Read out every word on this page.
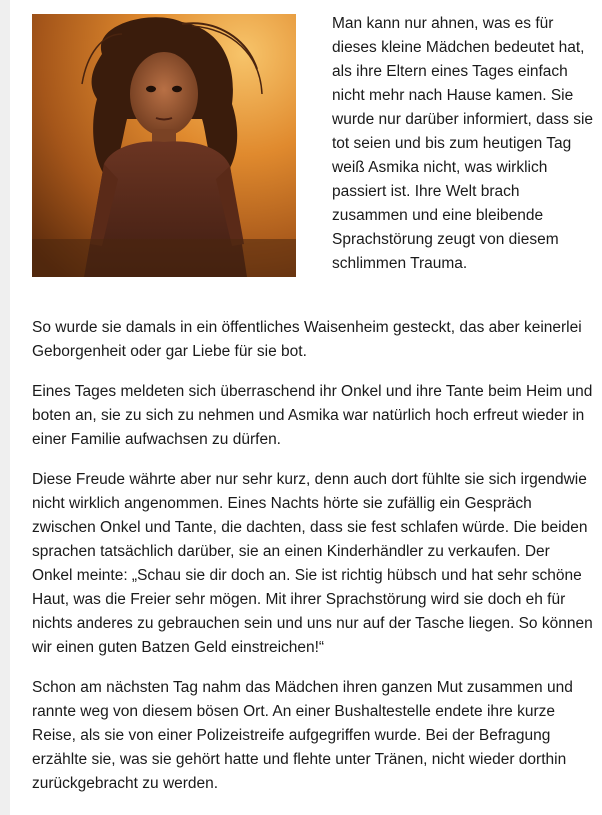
Man kann nur ahnen, was es für dieses kleine Mädchen bedeutet hat, als ihre Eltern eines Tages einfach nicht mehr nach Hause kamen. Sie wurde nur darüber informiert, dass sie tot seien und bis zum heutigen Tag weiß Asmika nicht, was wirklich passiert ist. Ihre Welt brach zusammen und eine bleibende Sprachstörung zeugt von diesem schlimmen Trauma.

So wurde sie damals in ein öffentliches Waisenheim gesteckt, das aber keinerlei Geborgenheit oder gar Liebe für sie bot.

Eines Tages meldeten sich überraschend ihr Onkel und ihre Tante beim Heim und boten an, sie zu sich zu nehmen und Asmika war natürlich hoch erfreut wieder in einer Familie aufwachsen zu dürfen.

Diese Freude währte aber nur sehr kurz, denn auch dort fühlte sie sich irgendwie nicht wirklich angenommen. Eines Nachts hörte sie zufällig ein Gespräch zwischen Onkel und Tante, die dachten, dass sie fest schlafen würde. Die beiden sprachen tatsächlich darüber, sie an einen Kinderhändler zu verkaufen. Der Onkel meinte: „Schau sie dir doch an. Sie ist richtig hübsch und hat sehr schöne Haut, was die Freier sehr mögen. Mit ihrer Sprachstörung wird sie doch eh für nichts anderes zu gebrauchen sein und uns nur auf der Tasche liegen. So können wir einen guten Batzen Geld einstreichen!“

Schon am nächsten Tag nahm das Mädchen ihren ganzen Mut zusammen und rannte weg von diesem bösen Ort. An einer Bushaltestelle endete ihre kurze Reise, als sie von einer Polizeistreife aufgegriffen wurde. Bei der Befragung erzählte sie, was sie gehört hatte und flehte unter Tränen, nicht wieder dorthin zurückgebracht zu werden.
